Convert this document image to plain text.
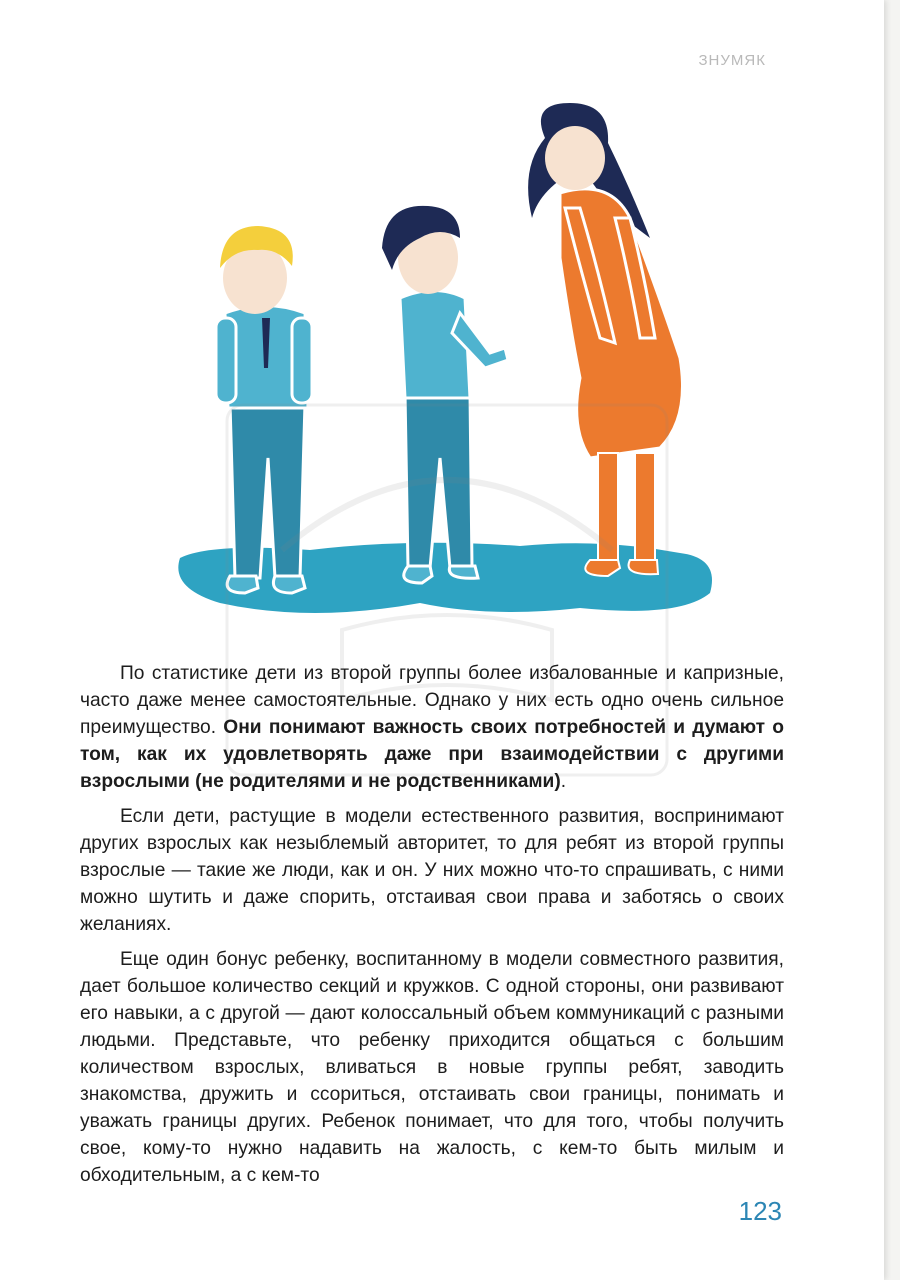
ЗНУМЯК

По статистике дети из второй группы более избалованные и капризные, часто даже менее самостоятельные. Однако у них есть одно очень сильное преимущество. Они понимают важность своих потребностей и думают о том, как их удовлетворять даже при взаимодействии с другими взрослыми (не родителями и не родственниками).

Если дети, растущие в модели естественного развития, воспринимают других взрослых как незыблемый авторитет, то для ребят из второй группы взрослые — такие же люди, как и он. У них можно что-то спрашивать, с ними можно шутить и даже спорить, отстаивая свои права и заботясь о своих желаниях.

Еще один бонус ребенку, воспитанному в модели совместного развития, дает большое количество секций и кружков. С одной стороны, они развивают его навыки, а с другой — дают колоссальный объем коммуникаций с разными людьми. Представьте, что ребенку приходится общаться с большим количеством взрослых, вливаться в новые группы ребят, заводить знакомства, дружить и ссориться, отстаивать свои границы, понимать и уважать границы других. Ребенок понимает, что для того, чтобы получить свое, кому-то нужно надавить на жалость, с кем-то быть милым и обходительным, а с кем-то

123
